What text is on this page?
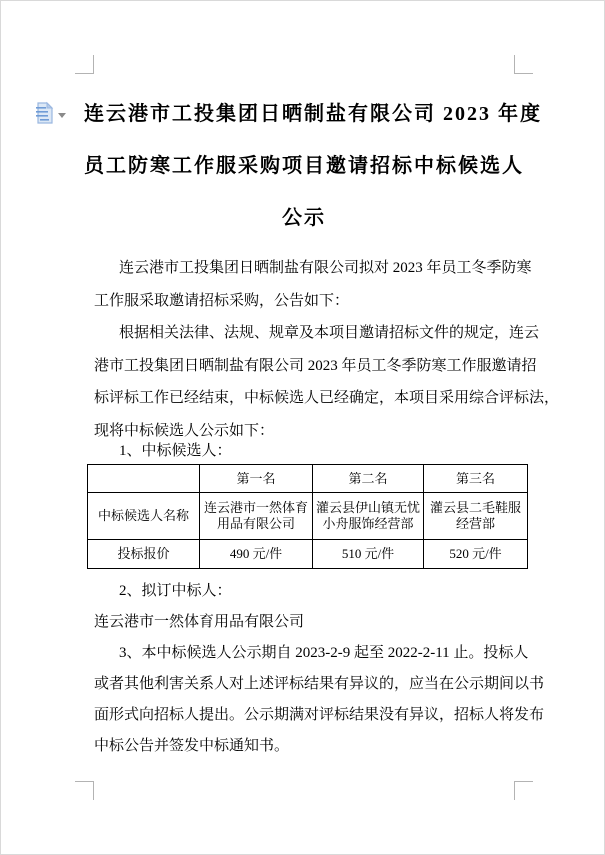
连云港市工投集团日晒制盐有限公司 2023 年度
员工防寒工作服采购项目邀请招标中标候选人
公示
连云港市工投集团日晒制盐有限公司拟对 2023 年员工冬季防寒
工作服采取邀请招标采购，公告如下：
根据相关法律、法规、规章及本项目邀请招标文件的规定，连云
港市工投集团日晒制盐有限公司 2023 年员工冬季防寒工作服邀请招
标评标工作已经结束，中标候选人已经确定，本项目采用综合评标法，
现将中标候选人公示如下：
1、中标候选人：
	第一名	第二名	第三名
中标候选人名称	连云港市一然体育用品有限公司	灌云县伊山镇无忧小舟服饰经营部	灌云县二毛鞋服经营部
投标报价	490 元/件	510 元/件	520 元/件
2、拟订中标人：
连云港市一然体育用品有限公司
3、本中标候选人公示期自 2023-2-9 起至 2022-2-11 止。投标人
或者其他利害关系人对上述评标结果有异议的，应当在公示期间以书
面形式向招标人提出。公示期满对评标结果没有异议，招标人将发布
中标公告并签发中标通知书。
